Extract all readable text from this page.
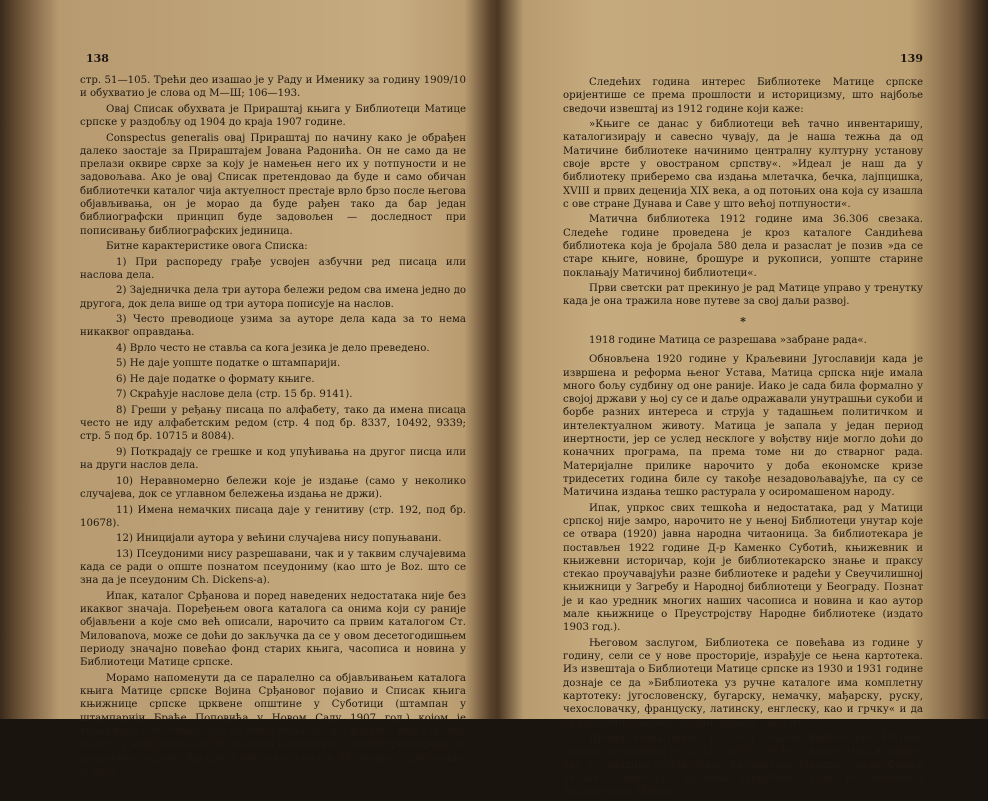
138

стр. 51—105. Трећи део изашао је у Раду и Именику за годину 1909/10 и обухватио је слова од М—Ш; 106—193.

Овај Списак обухвата је Прираштај књига у Библиотеци Матице српске у раздобљу од 1904 до краја 1907 године.

Conspectus generalis овај Прираштај по начину како је обрађен далеко заостаје за Прираштајем Јована Радонића. Он не само да не прелази оквире сврхе за коју је намењен него их у потпуности и не задовољава. Ако је овај Списак претендовао да буде и само обичан библиотечки каталог чија актуелност престаје врло брзо после његова објављивања, он је морао да буде рађен тако да бар један библиографски принцип буде задовољен — доследност при пописивању библиографских јединица.

Битне карактеристике овога Списка:

1) При распореду грађе усвојен азбучни ред писаца или наслова дела.

2) Заједничка дела три аутора бележи редом сва имена једно до другога, док дела више од три аутора пописује на наслов.

3) Често преводиоце узима за ауторе дела када за то нема никаквог оправдања.

4) Врло често не ставља са кога језика је дело преведено.

5) Не даје уопште податке о штампарији.

6) Не даје податке о формату књиге.

7) Скраћује наслове дела (стр. 15 бр. 9141).

8) Греши у ређању писаца по алфабету, тако да имена писаца често не иду алфабетским редом (стр. 4 под бр. 8337, 10492, 9339; стр. 5 под бр. 10715 и 8084).

9) Поткрадају се грешке и код упућивања на другог писца или на други наслов дела.

10) Неравномерно бележи које је издање (само у неколико случајева, док се углавном бележења издања не држи).

11) Имена немачких писаца даје у генитиву (стр. 192, под бр. 10678).

12) Иницијали аутора у већини случајева нису попуњавани.

13) Псеудоними нису разрешавани, чак и у таквим случајевима када се ради о опште познатом псеудониму (као што је Boz. што се зна да је псеудоним Ch. Dickens-а).

Ипак, каталог Срђанова и поред наведених недостатака није без икаквог значаја. Поређењем овога каталога са онима који су раније објављени а које смо већ описали, нарочито са првим каталогом Ст. Миловanova, може се доћи до закључка да се у овом десетогодишњем периоду значајно повећао фонд старих књига, часописа и новина у Библиотеци Матице српске.

Морамо напоменути да се паралелно са објављивањем каталога књига Матице српске Војина Срђановог појавио и Списак књига књижнице српске црквене општине у Суботици (штампан у штампарији Браће Поповића у Новом Саду 1907 год.) којом је управљала Суботичка српска читаоница. И овај каталог има стручну поделу у којој видно место заузима књижевност, издиференцирана на књижевне родове. Вредност овога каталога и Матичиног приближно је иста.

139

Следећих година интерес Библиотеке Матице српске оријентише се према прошлости и историцизму, што најбоље сведочи извештај из 1912 године који каже:

»Књиге се данас у библиотеци већ тачно инвентаришу, каталогизирају и савесно чувају, да је наша тежња да од Матичине библиотеке начинимо централну културну установу своје врсте у овостраном српству«. »Идеал је наш да у библиотеку приберемо сва издања млетачка, бечка, лајпцишка, XVIII и првих деценија XIX века, а од потоњих она која су изашла с ове стране Дунава и Саве у што већој потпуности«.

Матична библиотека 1912 године има 36.306 свезака. Следеће године проведена је кроз каталоге Сандићева библиотека која је бројала 580 дела и разаслат је позив »да се старе књиге, новине, брошуре и рукописи, уопште старине поклањају Матичиној библиотеци«.

Први светски рат прекинуо је рад Матице управо у тренутку када је она тражила нове путеве за свој даљи развој.

*

1918 године Матица се разрешава »забране рада«.

Обновљена 1920 године у Краљевини Југославији када је извршена и реформа њеног Устава, Матица српска није имала много бољу судбину од оне раније. Иако је сада била формално у својој држави у њој су се и даље одражавали унутрашњи сукоби и борбе разних интереса и струја у тадашњем политичком и интелектуалном животу. Матица је запала у један период инертности, јер се услед несклоге у вођству није могло доћи до коначних програма, па према томе ни до стварног рада. Материјалне прилике нарочито у доба економске кризе тридесетих година биле су такође незадовољавајуће, па су се Матичина издања тешко растурала у осиромашеном народу.

Ипак, упркос свих тешкоћа и недостатака, рад у Матици српској није замро, нарочито не у њеној Библиотеци унутар које се отвара (1920) јавна народна читаоница. За библиотекара је постављен 1922 године Д-р Каменко Суботић, књижевник и књижевни историчар, који је библиотекарско знање и праксу стекао проучавајући разне библиотеке и радећи у Свеучилишној књижници у Загребу и Народној библиотеци у Београду. Познат је и као уредник многих наших часописа и новина и као аутор мале књижнице о Преустројству Народне библиотеке (издато 1903 год.).

Његовом заслугом, Библиотека се повећава из године у годину, сели се у нове просторије, израђује се њена картотека. Из извештаја о Библиотеци Матице српске из 1930 и 1931 године дознаје се да »Библиотека уз ручне каталоге има комплетну картотеку: југословенску, бугарску, немачку, мађарску, руску, чехословачку, француску, латинску, енглеску, као и грчку« и да су свршени основни организациони послови.

Према извештајима из 1931 године Библиотека Матице српске поседовала је 25.837 дела у 60.102 свеске. Овај извештај дао је тадашњи библиотекар Библиотеке Матице српске Фрања Малин, професор, уредник Отаџбине, који је, поставши библиотекар Матице
